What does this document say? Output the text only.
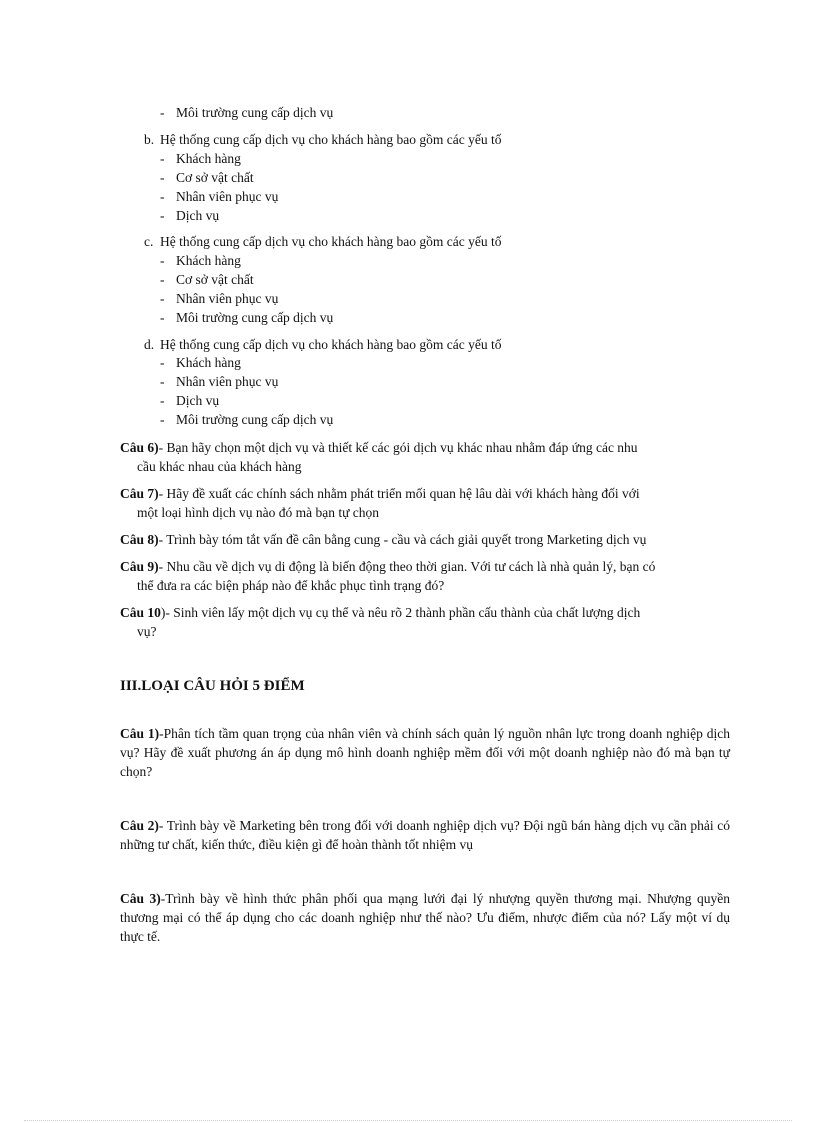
- Môi trường cung cấp dịch vụ
b. Hệ thống cung cấp dịch vụ cho khách hàng bao gồm các yếu tố
- Khách hàng
- Cơ sở vật chất
- Nhân viên phục vụ
- Dịch vụ
c. Hệ thống cung cấp dịch vụ cho khách hàng bao gồm các yếu tố
- Khách hàng
- Cơ sở vật chất
- Nhân viên phục vụ
- Môi trường cung cấp dịch vụ
d. Hệ thống cung cấp dịch vụ cho khách hàng bao gồm các yếu tố
- Khách hàng
- Nhân viên phục vụ
- Dịch vụ
- Môi trường cung cấp dịch vụ
Câu 6)- Bạn hãy chọn một dịch vụ và thiết kế các gói dịch vụ khác nhau nhằm đáp ứng các nhu
cầu khác nhau của khách hàng
Câu 7)- Hãy đề xuất các chính sách nhằm phát triển mối quan hệ lâu dài với khách hàng đối với
một loại hình dịch vụ nào đó mà bạn tự chọn
Câu 8)- Trình bày tóm tắt vấn đề cân bằng cung - cầu và cách giải quyết trong Marketing dịch vụ
Câu 9)- Nhu cầu về dịch vụ di động là biến động theo thời gian. Với tư cách là nhà quản lý, bạn có
thể đưa ra các biện pháp nào để khắc phục tình trạng đó?
Câu 10)- Sinh viên lấy một dịch vụ cụ thể và nêu rõ 2 thành phần cấu thành của chất lượng dịch
vụ?
III.LOẠI CÂU HỎI 5 ĐIỂM
Câu 1)-Phân tích tầm quan trọng của nhân viên và chính sách quản lý nguồn nhân lực trong doanh nghiệp dịch vụ? Hãy đề xuất phương án áp dụng mô hình doanh nghiệp mềm đối với một doanh nghiệp nào đó mà bạn tự chọn?
Câu 2)- Trình bày về Marketing bên trong đối với doanh nghiệp dịch vụ? Đội ngũ bán hàng dịch vụ cần phải có những tư chất, kiến thức, điều kiện gì để hoàn thành tốt nhiệm vụ
Câu 3)-Trình bày về hình thức phân phối qua mạng lưới đại lý nhượng quyền thương mại. Nhượng quyền thương mại có thể áp dụng cho các doanh nghiệp như thế nào? Ưu điểm, nhược điểm của nó? Lấy một ví dụ thực tế.
